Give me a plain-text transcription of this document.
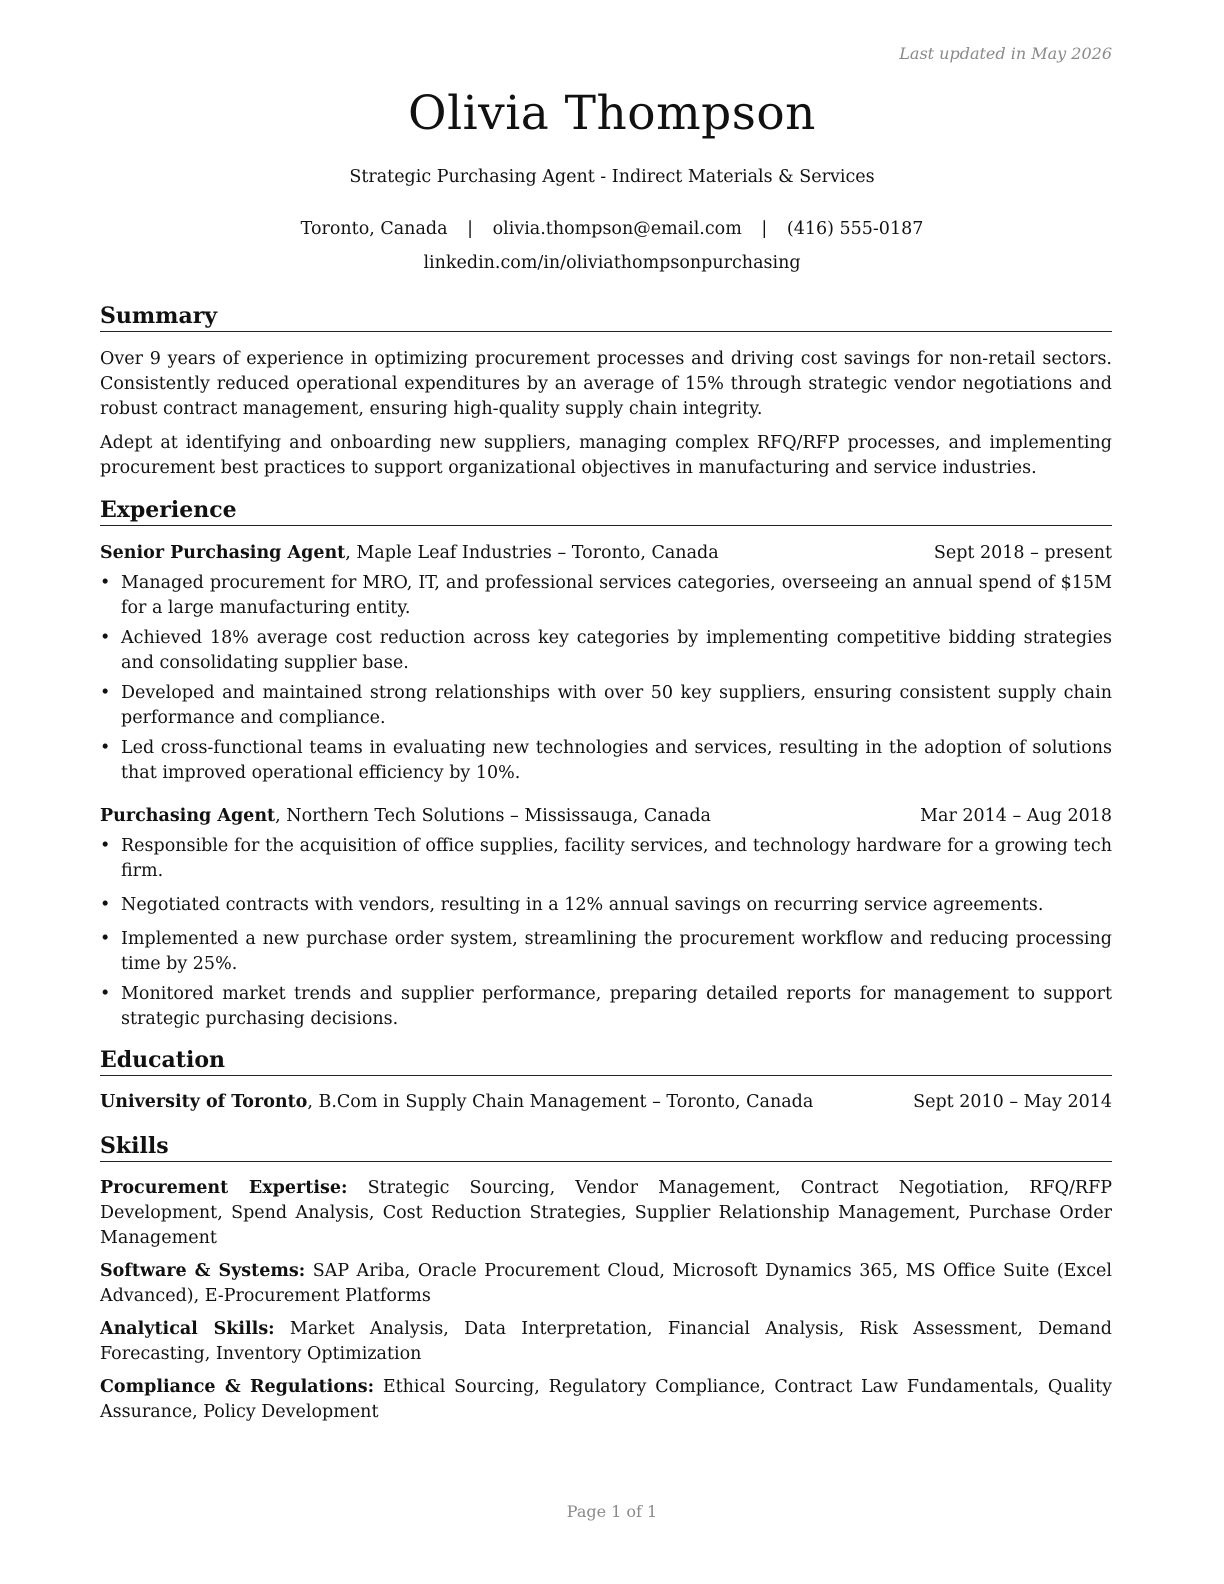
Last updated in May 2026
Olivia Thompson
Strategic Purchasing Agent - Indirect Materials & Services
Toronto, Canada | olivia.thompson@email.com | (416) 555-0187
linkedin.com/in/oliviathompsonpurchasing
Summary

Over 9 years of experience in optimizing procurement processes and driving cost savings for non-retail sectors. Consistently reduced operational expenditures by an average of 15% through strategic vendor negotiations and robust contract management, ensuring high-quality supply chain integrity.

Adept at identifying and onboarding new suppliers, managing complex RFQ/RFP processes, and implementing procurement best practices to support organizational objectives in manufacturing and service industries.

Experience
Senior Purchasing Agent, Maple Leaf Industries – Toronto, Canada	Sept 2018 – present
• Managed procurement for MRO, IT, and professional services categories, overseeing an annual spend of $15M for a large manufacturing entity.
• Achieved 18% average cost reduction across key categories by implementing competitive bidding strategies and consolidating supplier base.
• Developed and maintained strong relationships with over 50 key suppliers, ensuring consistent supply chain performance and compliance.
• Led cross-functional teams in evaluating new technologies and services, resulting in the adoption of solutions that improved operational efficiency by 10%.
Purchasing Agent, Northern Tech Solutions – Mississauga, Canada	Mar 2014 – Aug 2018
• Responsible for the acquisition of office supplies, facility services, and technology hardware for a growing tech firm.
• Negotiated contracts with vendors, resulting in a 12% annual savings on recurring service agreements.
• Implemented a new purchase order system, streamlining the procurement workflow and reducing processing time by 25%.
• Monitored market trends and supplier performance, preparing detailed reports for management to support strategic purchasing decisions.
Education
University of Toronto, B.Com in Supply Chain Management – Toronto, Canada	Sept 2010 – May 2014
Skills

Procurement Expertise: Strategic Sourcing, Vendor Management, Contract Negotiation, RFQ/RFP Development, Spend Analysis, Cost Reduction Strategies, Supplier Relationship Management, Purchase Order Management

Software & Systems: SAP Ariba, Oracle Procurement Cloud, Microsoft Dynamics 365, MS Office Suite (Excel Advanced), E-Procurement Platforms

Analytical Skills: Market Analysis, Data Interpretation, Financial Analysis, Risk Assessment, Demand Forecasting, Inventory Optimization

Compliance & Regulations: Ethical Sourcing, Regulatory Compliance, Contract Law Fundamentals, Quality Assurance, Policy Development

Page 1 of 1
